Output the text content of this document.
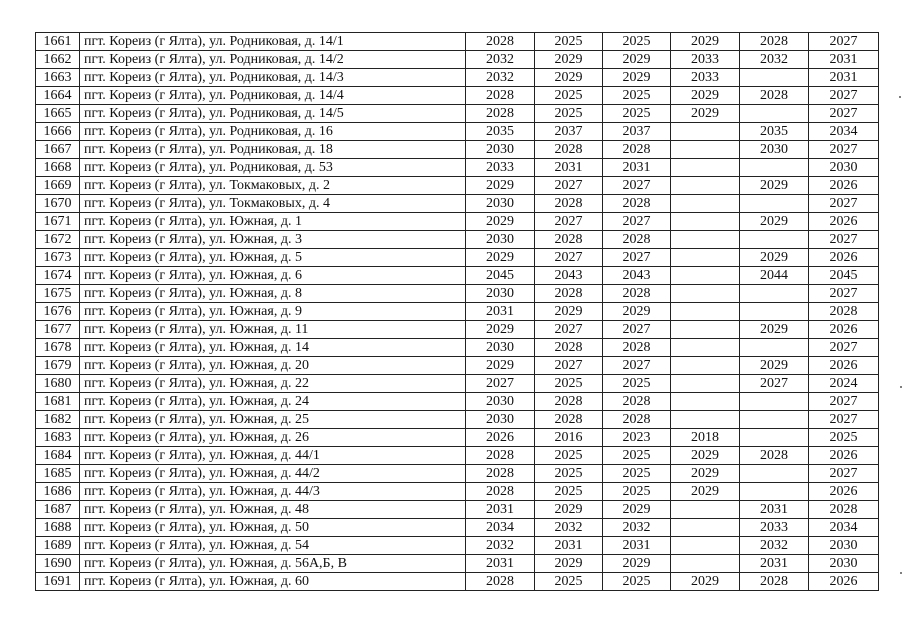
1661	пгт. Кореиз (г Ялта), ул. Родниковая, д. 14/1	2028	2025	2025	2029	2028	2027
1662	пгт. Кореиз (г Ялта), ул. Родниковая, д. 14/2	2032	2029	2029	2033	2032	2031
1663	пгт. Кореиз (г Ялта), ул. Родниковая, д. 14/3	2032	2029	2029	2033		2031
1664	пгт. Кореиз (г Ялта), ул. Родниковая, д. 14/4	2028	2025	2025	2029	2028	2027
1665	пгт. Кореиз (г Ялта), ул. Родниковая, д. 14/5	2028	2025	2025	2029		2027
1666	пгт. Кореиз (г Ялта), ул. Родниковая, д. 16	2035	2037	2037		2035	2034
1667	пгт. Кореиз (г Ялта), ул. Родниковая, д. 18	2030	2028	2028		2030	2027
1668	пгт. Кореиз (г Ялта), ул. Родниковая, д. 53	2033	2031	2031			2030
1669	пгт. Кореиз (г Ялта), ул. Токмаковых, д. 2	2029	2027	2027		2029	2026
1670	пгт. Кореиз (г Ялта), ул. Токмаковых, д. 4	2030	2028	2028			2027
1671	пгт. Кореиз (г Ялта), ул. Южная, д. 1	2029	2027	2027		2029	2026
1672	пгт. Кореиз (г Ялта), ул. Южная, д. 3	2030	2028	2028			2027
1673	пгт. Кореиз (г Ялта), ул. Южная, д. 5	2029	2027	2027		2029	2026
1674	пгт. Кореиз (г Ялта), ул. Южная, д. 6	2045	2043	2043		2044	2045
1675	пгт. Кореиз (г Ялта), ул. Южная, д. 8	2030	2028	2028			2027
1676	пгт. Кореиз (г Ялта), ул. Южная, д. 9	2031	2029	2029			2028
1677	пгт. Кореиз (г Ялта), ул. Южная, д. 11	2029	2027	2027		2029	2026
1678	пгт. Кореиз (г Ялта), ул. Южная, д. 14	2030	2028	2028			2027
1679	пгт. Кореиз (г Ялта), ул. Южная, д. 20	2029	2027	2027		2029	2026
1680	пгт. Кореиз (г Ялта), ул. Южная, д. 22	2027	2025	2025		2027	2024
1681	пгт. Кореиз (г Ялта), ул. Южная, д. 24	2030	2028	2028			2027
1682	пгт. Кореиз (г Ялта), ул. Южная, д. 25	2030	2028	2028			2027
1683	пгт. Кореиз (г Ялта), ул. Южная, д. 26	2026	2016	2023	2018		2025
1684	пгт. Кореиз (г Ялта), ул. Южная, д. 44/1	2028	2025	2025	2029	2028	2026
1685	пгт. Кореиз (г Ялта), ул. Южная, д. 44/2	2028	2025	2025	2029		2027
1686	пгт. Кореиз (г Ялта), ул. Южная, д. 44/3	2028	2025	2025	2029		2026
1687	пгт. Кореиз (г Ялта), ул. Южная, д. 48	2031	2029	2029		2031	2028
1688	пгт. Кореиз (г Ялта), ул. Южная, д. 50	2034	2032	2032		2033	2034
1689	пгт. Кореиз (г Ялта), ул. Южная, д. 54	2032	2031	2031		2032	2030
1690	пгт. Кореиз (г Ялта), ул. Южная, д. 56А,Б, В	2031	2029	2029		2031	2030
1691	пгт. Кореиз (г Ялта), ул. Южная, д. 60	2028	2025	2025	2029	2028	2026
